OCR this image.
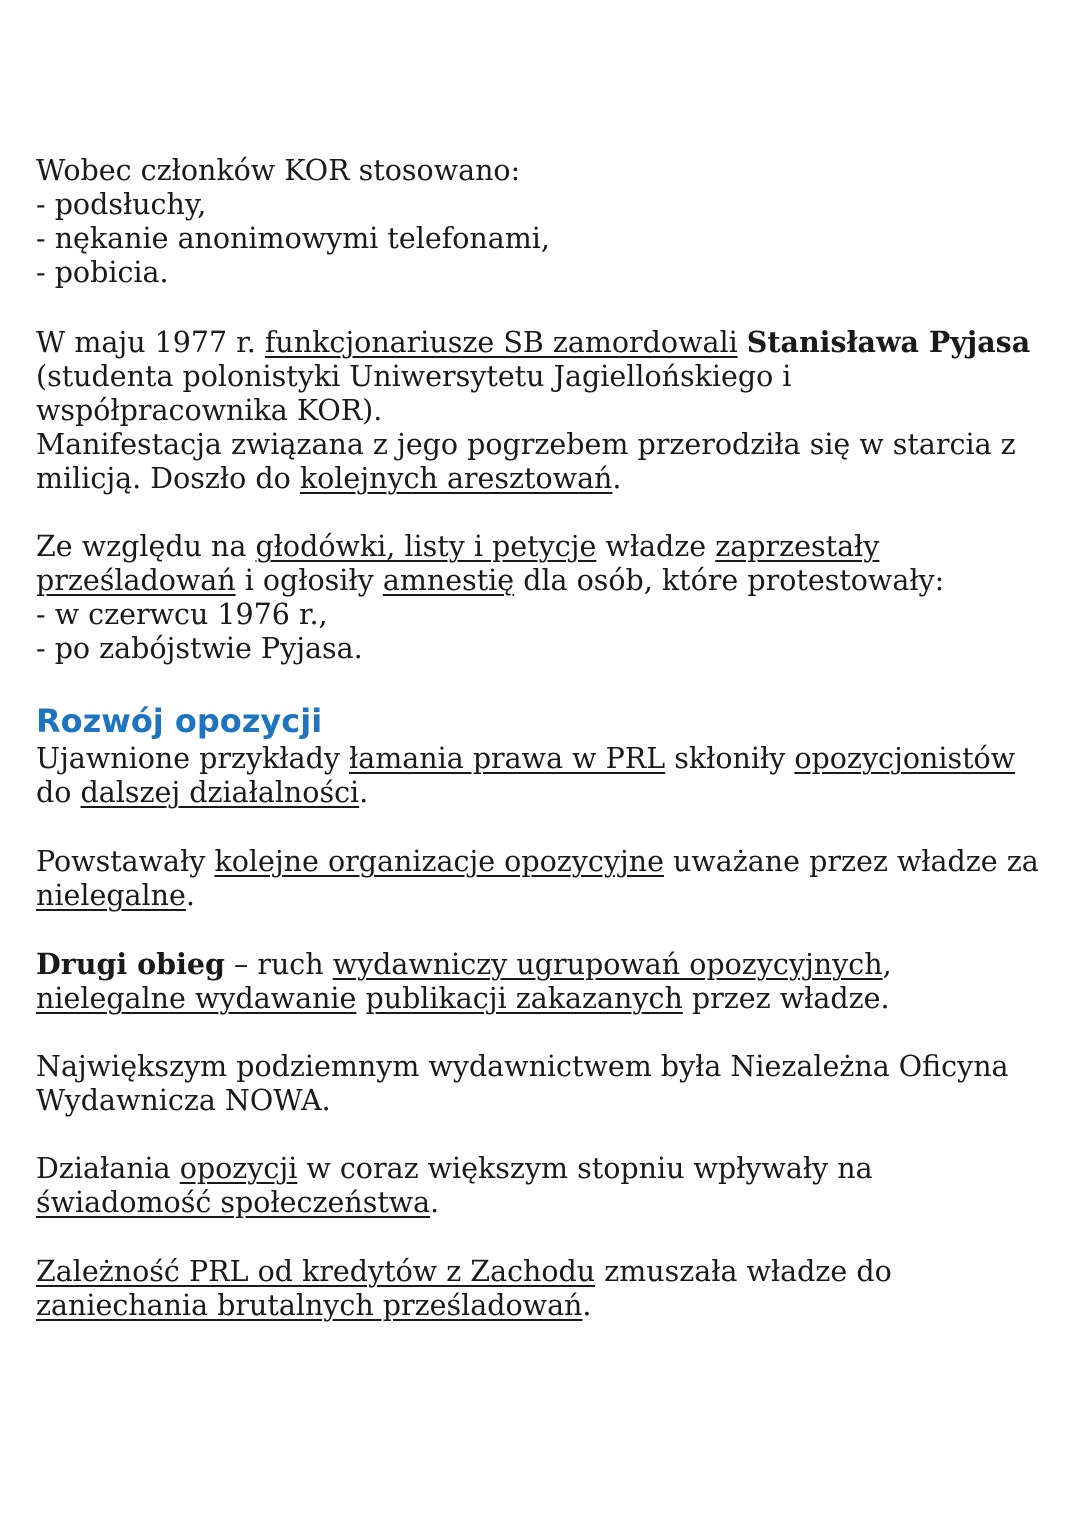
Wobec członków KOR stosowano:

- podsłuchy,

- nękanie anonimowymi telefonami,

- pobicia.

W maju 1977 r. funkcjonariusze SB zamordowali Stanisława Pyjasa (studenta polonistyki Uniwersytetu Jagiellońskiego i współpracownika KOR).

Manifestacja związana z jego pogrzebem przerodziła się w starcia z milicją. Doszło do kolejnych aresztowań.

Ze względu na głodówki, listy i petycje władze zaprzestały prześladowań i ogłosiły amnestię dla osób, które protestowały:

- w czerwcu 1976 r.,

- po zabójstwie Pyjasa.

Rozwój opozycji

Ujawnione przykłady łamania prawa w PRL skłoniły opozycjonistów do dalszej działalności.

Powstawały kolejne organizacje opozycyjne uważane przez władze za nielegalne.

Drugi obieg – ruch wydawniczy ugrupowań opozycyjnych, nielegalne wydawanie publikacji zakazanych przez władze.

Największym podziemnym wydawnictwem była Niezależna Oficyna Wydawnicza NOWA.

Działania opozycji w coraz większym stopniu wpływały na świadomość społeczeństwa.

Zależność PRL od kredytów z Zachodu zmuszała władze do zaniechania brutalnych prześladowań.
